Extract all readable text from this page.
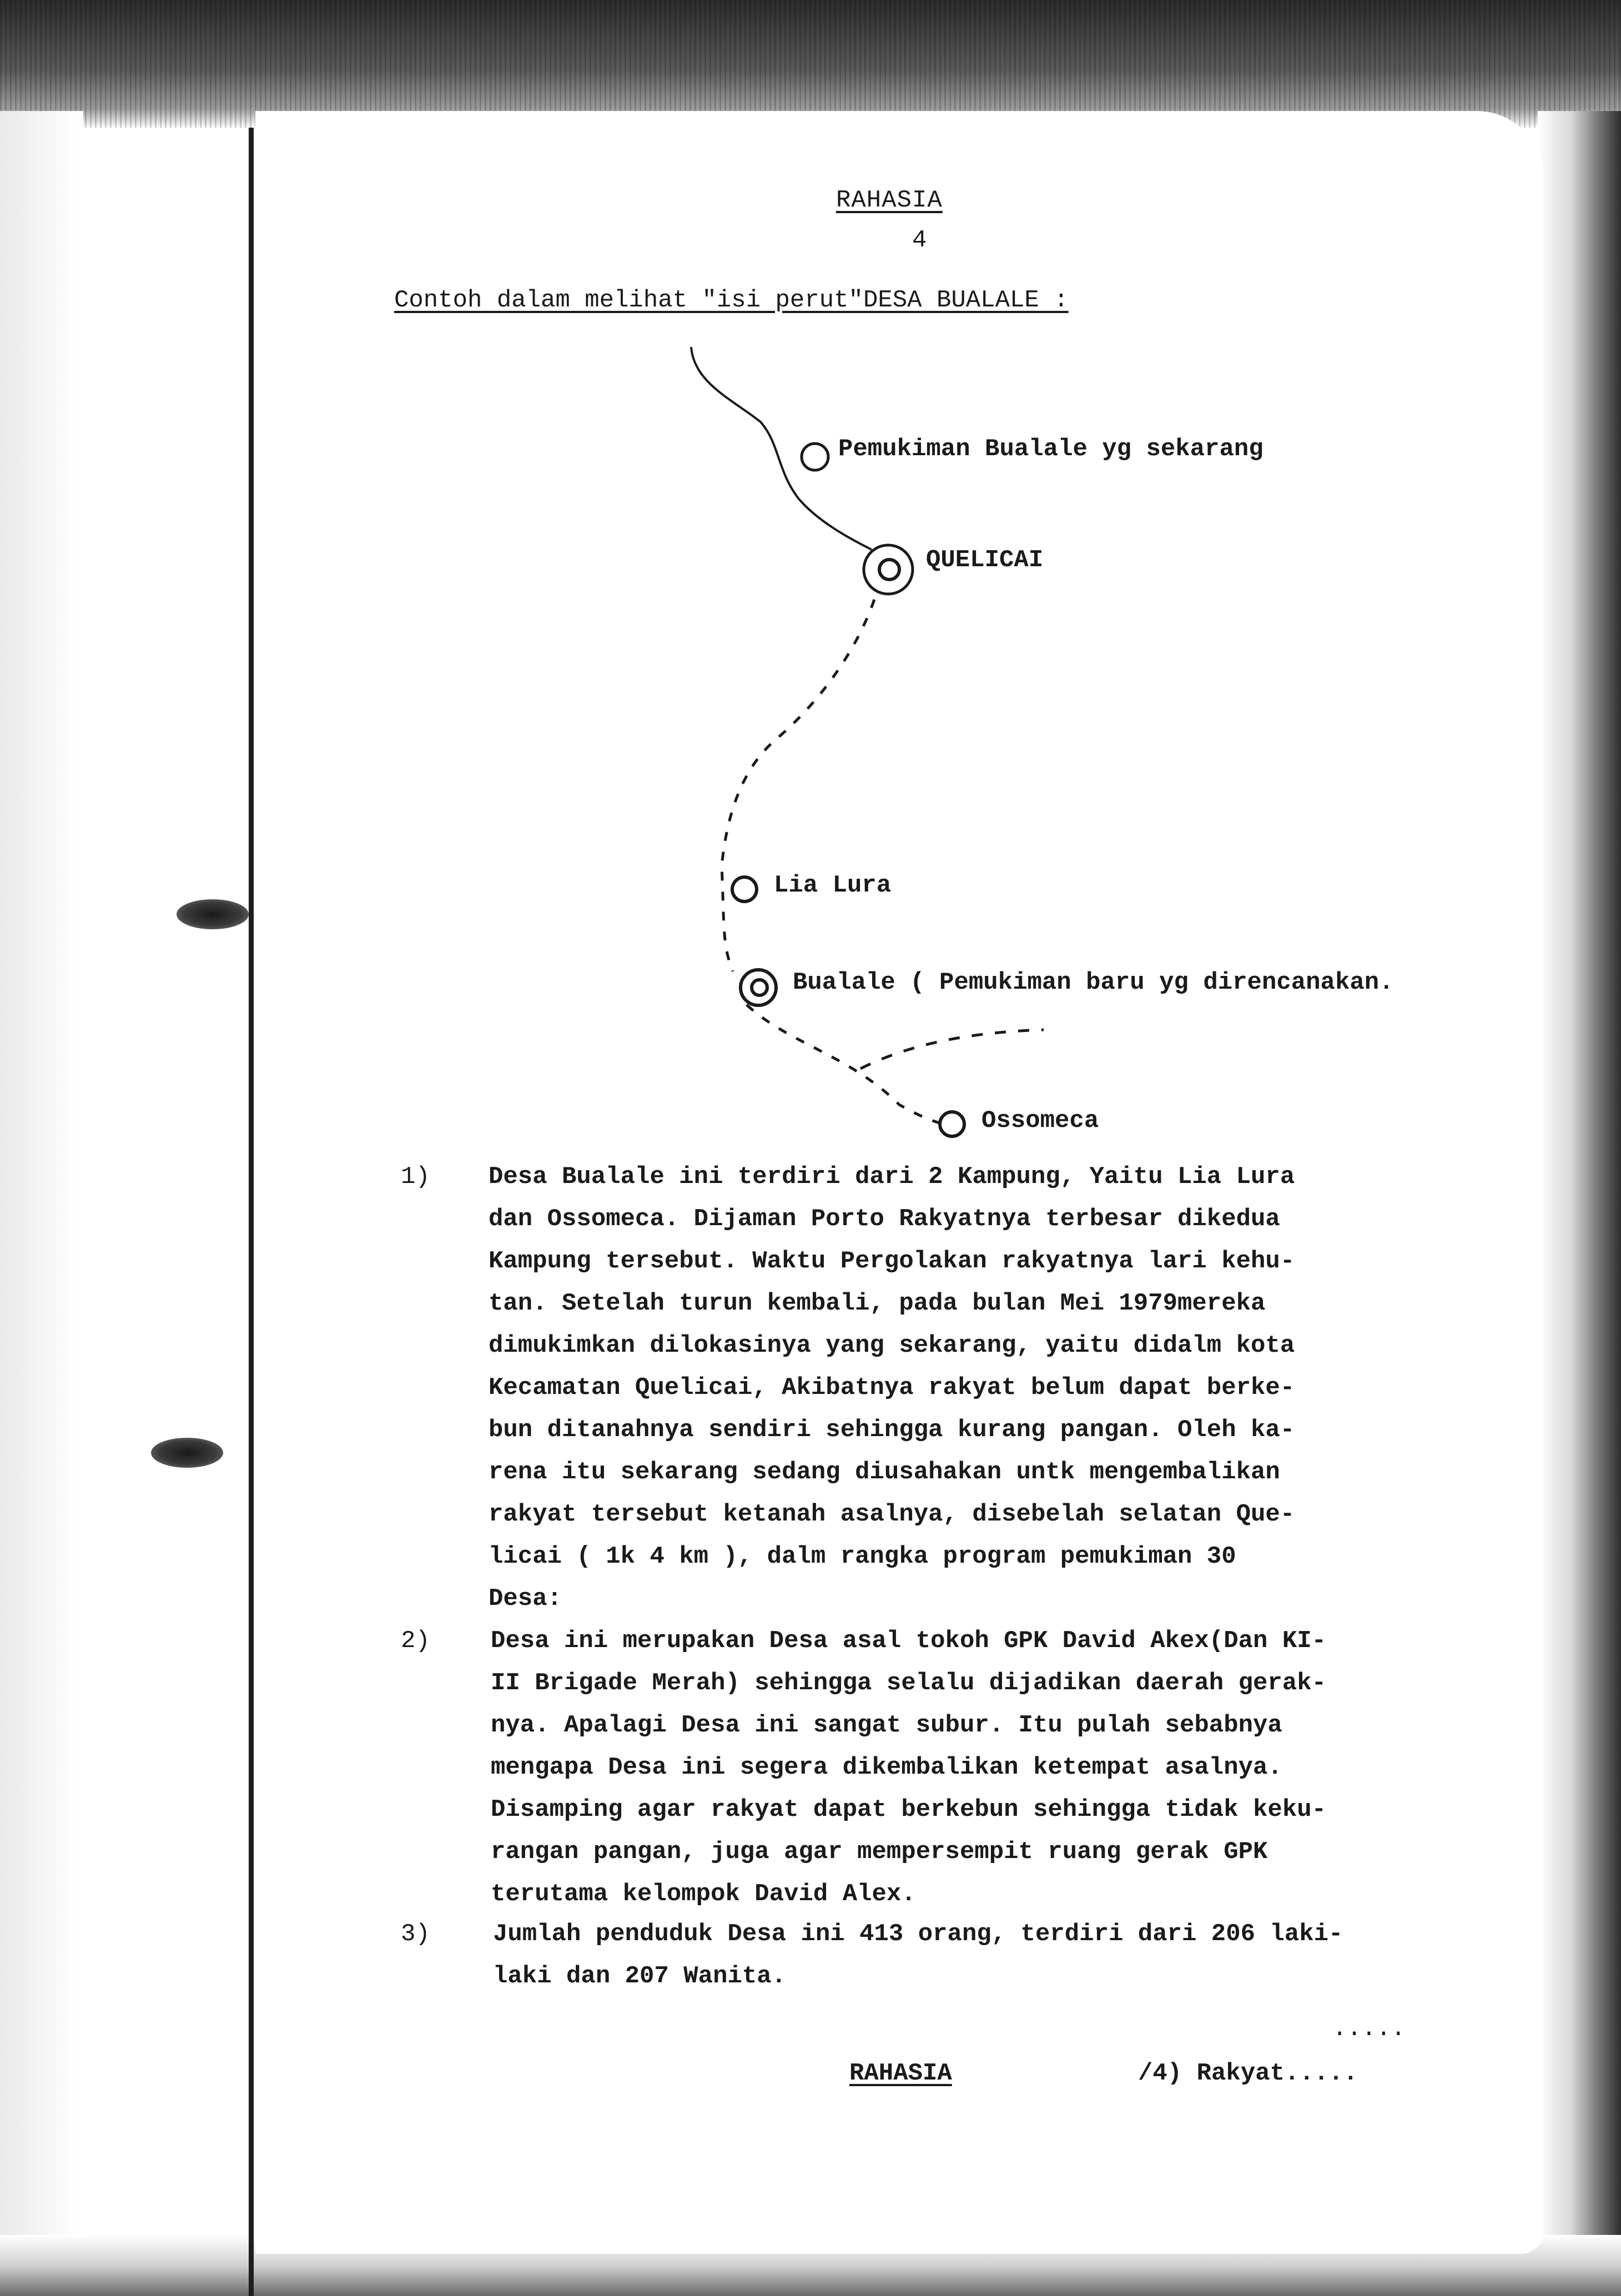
RAHASIA
4
Contoh dalam melihat "isi perut"DESA BUALALE :
Pemukiman Bualale yg sekarang
QUELICAI
Lia Lura
Bualale ( Pemukiman baru yg direncanakan.
Ossomeca
1) Desa Bualale ini terdiri dari 2 Kampung, Yaitu Lia Lura
dan Ossomeca. Dijaman Porto Rakyatnya terbesar dikedua
Kampung tersebut. Waktu Pergolakan rakyatnya lari kehu-
tan. Setelah turun kembali, pada bulan Mei 1979mereka
dimukimkan dilokasinya yang sekarang, yaitu didalm kota
Kecamatan Quelicai, Akibatnya rakyat belum dapat berke-
bun ditanahnya sendiri sehingga kurang pangan. Oleh ka-
rena itu sekarang sedang diusahakan untk mengembalikan
rakyat tersebut ketanah asalnya, disebelah selatan Que-
licai ( 1k 4 km ), dalm rangka program pemukiman 30
Desa:
2) Desa ini merupakan Desa asal tokoh GPK David Akex(Dan KI-
II Brigade Merah) sehingga selalu dijadikan daerah gerak-
nya. Apalagi Desa ini sangat subur. Itu pulah sebabnya
mengapa Desa ini segera dikembalikan ketempat asalnya.
Disamping agar rakyat dapat berkebun sehingga tidak keku-
rangan pangan, juga agar mempersempit ruang gerak GPK
terutama kelompok David Alex.
3)	Jumlah penduduk Desa ini 413 orang, terdiri dari 206 laki-
laki dan 207 Wanita.
.....
RAHASIA	/4) Rakyat.....
